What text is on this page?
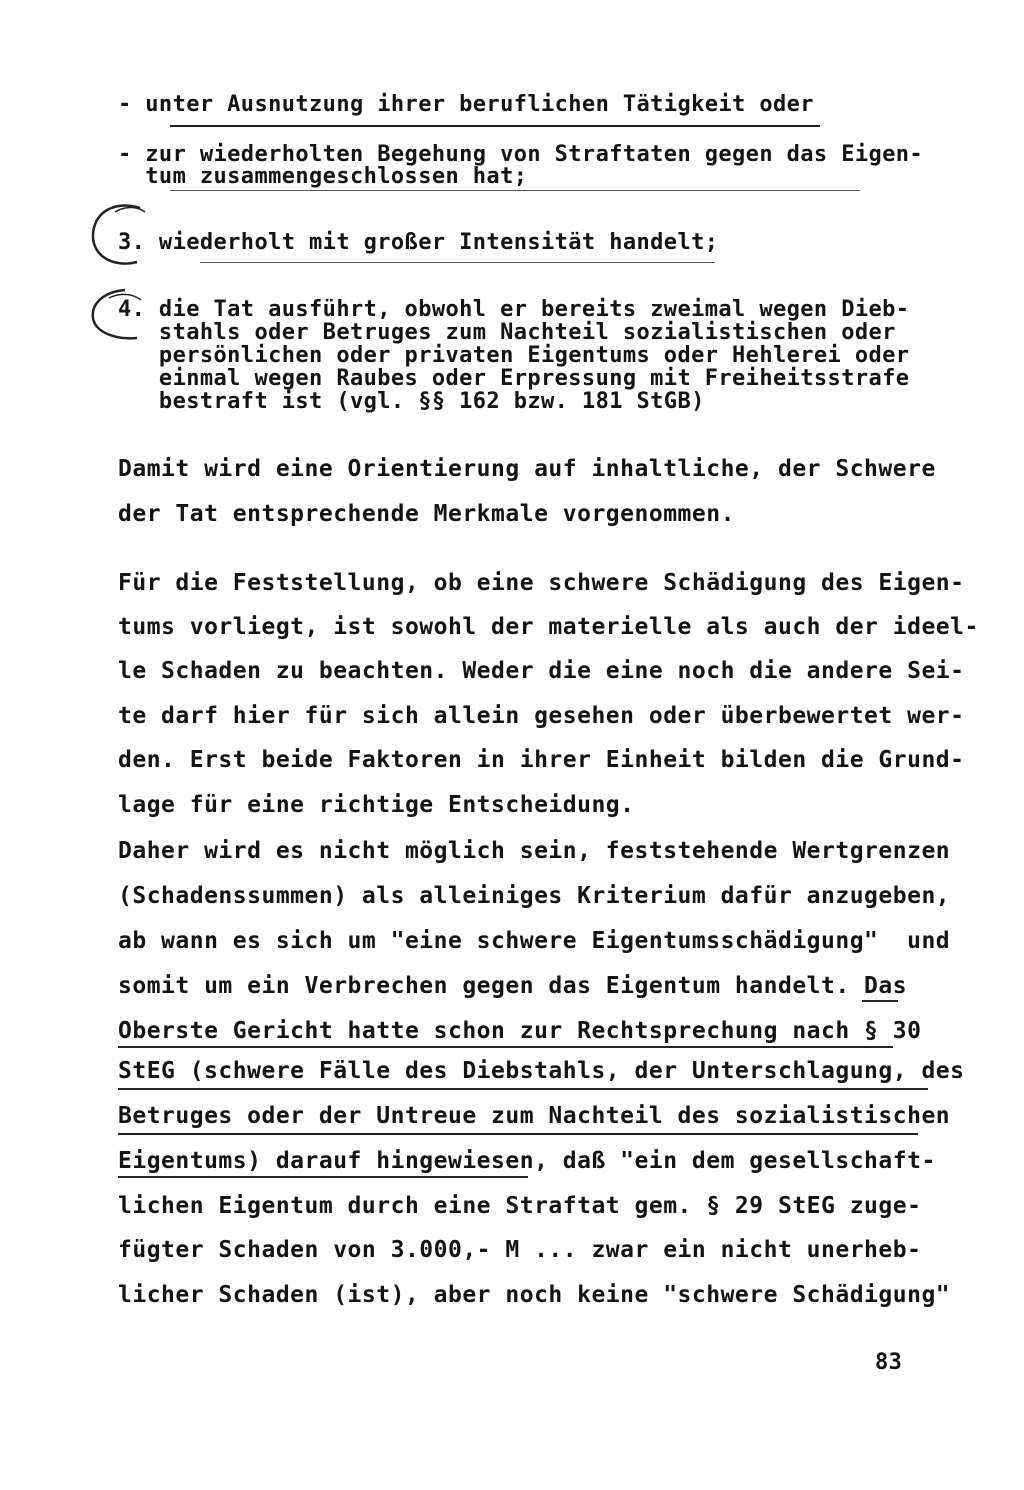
- unter Ausnutzung ihrer beruflichen Tätigkeit oder
- zur wiederholten Begehung von Straftaten gegen das Eigen-
tum zusammengeschlossen hat;
3. wiederholt mit großer Intensität handelt;
4. die Tat ausführt, obwohl er bereits zweimal wegen Dieb-
stahls oder Betruges zum Nachteil sozialistischen oder
persönlichen oder privaten Eigentums oder Hehlerei oder
einmal wegen Raubes oder Erpressung mit Freiheitsstrafe
bestraft ist (vgl. §§ 162 bzw. 181 StGB)
Damit wird eine Orientierung auf inhaltliche, der Schwere
der Tat entsprechende Merkmale vorgenommen.
Für die Feststellung, ob eine schwere Schädigung des Eigen-
tums vorliegt, ist sowohl der materielle als auch der ideel-
le Schaden zu beachten. Weder die eine noch die andere Sei-
te darf hier für sich allein gesehen oder überbewertet wer-
den. Erst beide Faktoren in ihrer Einheit bilden die Grund-
lage für eine richtige Entscheidung.
Daher wird es nicht möglich sein, feststehende Wertgrenzen
(Schadenssummen) als alleiniges Kriterium dafür anzugeben,
ab wann es sich um "eine schwere Eigentumsschädigung"  und
somit um ein Verbrechen gegen das Eigentum handelt. Das
Oberste Gericht hatte schon zur Rechtsprechung nach § 30
StEG (schwere Fälle des Diebstahls, der Unterschlagung, des
Betruges oder der Untreue zum Nachteil des sozialistischen
Eigentums) darauf hingewiesen, daß "ein dem gesellschaft-
lichen Eigentum durch eine Straftat gem. § 29 StEG zuge-
fügter Schaden von 3.000,- M ... zwar ein nicht unerheb-
licher Schaden (ist), aber noch keine "schwere Schädigung"
83
